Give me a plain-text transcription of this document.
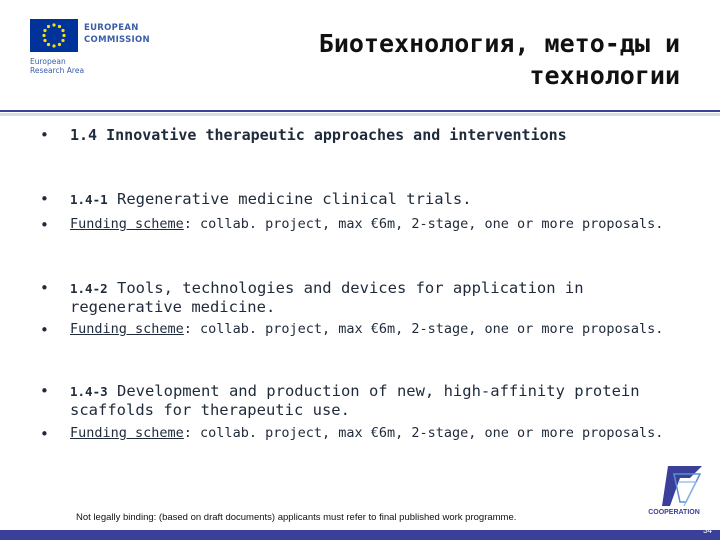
EUROPEAN
COMMISSION
European
Research Area
Биотехнология, мето-ды и технологии
• 1.4 Innovative therapeutic approaches and interventions
• 1.4-1 Regenerative medicine clinical trials.
• Funding scheme: collab. project, max €6m, 2-stage, one or more proposals.
• 1.4-2 Tools, technologies and devices for application in regenerative medicine.
• Funding scheme: collab. project, max €6m, 2-stage, one or more proposals.
• 1.4-3 Development and production of new, high-affinity protein scaffolds for therapeutic use.
• Funding scheme: collab. project, max €6m, 2-stage, one or more proposals.
Not legally binding: (based on draft documents) applicants must refer to final published work programme.	COOPERATION
34
